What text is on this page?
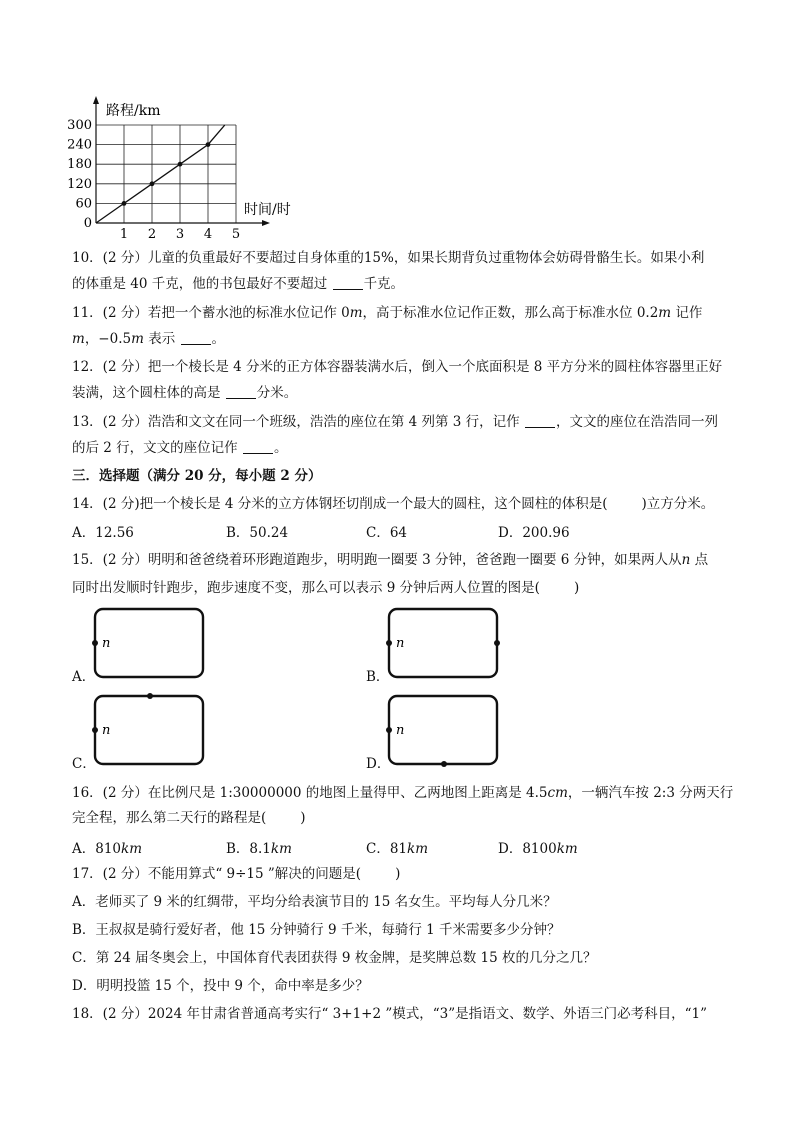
0
60
120
180
240
300
1 2 3 4 5
路程/km
时间/时
10．(2 分）儿童的负重最好不要超过自身体重的15%，如果长期背负过重物体会妨碍骨骼生长。如果小利
的体重是 40 千克，他的书包最好不要超过 千克。
11．(2 分）若把一个蓄水池的标准水位记作 0m，高于标准水位记作正数，那么高于标准水位 0.2m 记作
m，−0.5m 表示 。
12．(2 分）把一个棱长是 4 分米的正方体容器装满水后，倒入一个底面积是 8 平方分米的圆柱体容器里正好
装满，这个圆柱体的高是 分米。
13．(2 分）浩浩和文文在同一个班级，浩浩的座位在第 4 列第 3 行，记作 ，文文的座位在浩浩同一列
的后 2 行，文文的座位记作 。
三．选择题（满分 20 分，每小题 2 分）
14．(2 分)把一个棱长是 4 分米的立方体钢坯切削成一个最大的圆柱，这个圆柱的体积是(	)立方分米。
A．12.56	B．50.24	C．64	D．200.96
15．(2 分）明明和爸爸绕着环形跑道跑步，明明跑一圈要 3 分钟，爸爸跑一圈要 6 分钟，如果两人从n 点
同时出发顺时针跑步，跑步速度不变，那么可以表示 9 分钟后两人位置的图是(	)
A．
n
B．
n
C．
n
D．
n
16．(2 分）在比例尺是 1:30000000 的地图上量得甲、乙两地图上距离是 4.5cm，一辆汽车按 2:3 分两天行
完全程，那么第二天行的路程是(	)
A．810km	B．8.1km	C．81km	D．8100km
17．(2 分）不能用算式“ 9÷15 ”解决的问题是(	)
A．老师买了 9 米的红绸带，平均分给表演节目的 15 名女生。平均每人分几米？
B．王叔叔是骑行爱好者，他 15 分钟骑行 9 千米，每骑行 1 千米需要多少分钟？
C．第 24 届冬奥会上，中国体育代表团获得 9 枚金牌，是奖牌总数 15 枚的几分之几？
D．明明投篮 15 个，投中 9 个，命中率是多少？
18．(2 分）2024 年甘肃省普通高考实行“ 3+1+2 ”模式，“3”是指语文、数学、外语三门必考科目，“1”
